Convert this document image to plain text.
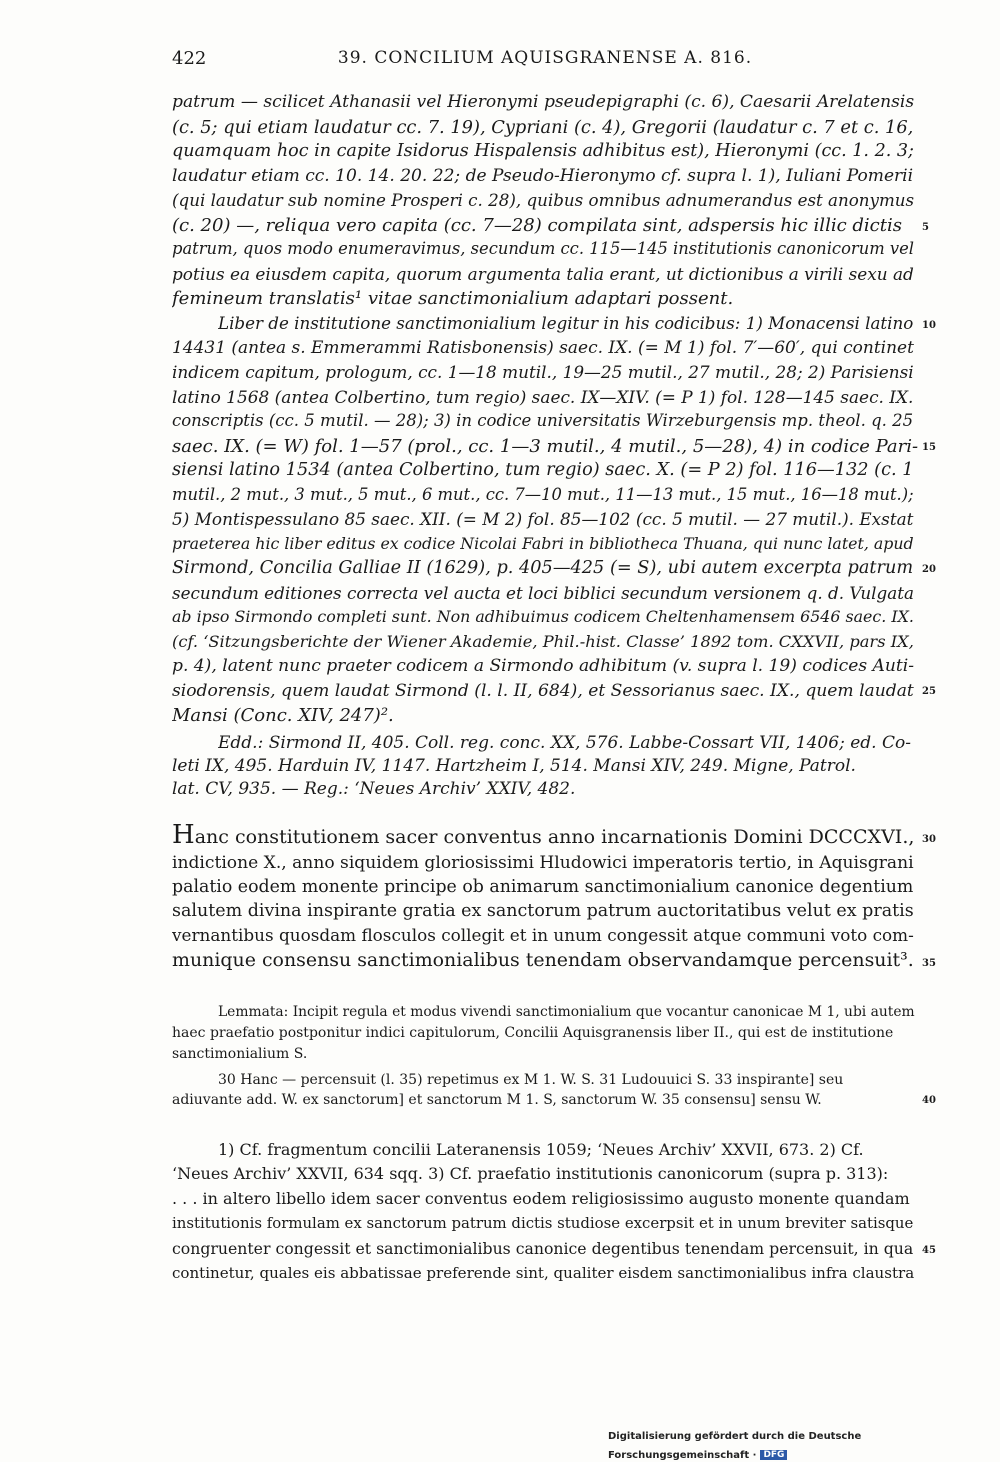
422	39. CONCILIUM AQUISGRANENSE A. 816.
patrum — scilicet Athanasii vel Hieronymi pseudepigraphi (c. 6), Caesarii Arelatensis
(c. 5; qui etiam laudatur cc. 7. 19), Cypriani (c. 4), Gregorii (laudatur c. 7 et c. 16,
quamquam hoc in capite Isidorus Hispalensis adhibitus est), Hieronymi (cc. 1. 2. 3;
laudatur etiam cc. 10. 14. 20. 22; de Pseudo-Hieronymo cf. supra l. 1), Iuliani Pomerii
(qui laudatur sub nomine Prosperi c. 28), quibus omnibus adnumerandus est anonymus
(c. 20) —, reliqua vero capita (cc. 7—28) compilata sint, adspersis hic illic dictis
patrum, quos modo enumeravimus, secundum cc. 115—145 institutionis canonicorum vel
potius ea eiusdem capita, quorum argumenta talia erant, ut dictionibus a virili sexu ad
femineum translatis¹ vitae sanctimonialium adaptari possent.
Liber de institutione sanctimonialium legitur in his codicibus: 1) Monacensi latino
14431 (antea s. Emmerammi Ratisbonensis) saec. IX. (= M 1) fol. 7′—60′, qui continet
indicem capitum, prologum, cc. 1—18 mutil., 19—25 mutil., 27 mutil., 28; 2) Parisiensi
latino 1568 (antea Colbertino, tum regio) saec. IX—XIV. (= P 1) fol. 128—145 saec. IX.
conscriptis (cc. 5 mutil. — 28); 3) in codice universitatis Wirzeburgensis mp. theol. q. 25
saec. IX. (= W) fol. 1—57 (prol., cc. 1—3 mutil., 4 mutil., 5—28), 4) in codice Pari-
siensi latino 1534 (antea Colbertino, tum regio) saec. X. (= P 2) fol. 116—132 (c. 1
mutil., 2 mut., 3 mut., 5 mut., 6 mut., cc. 7—10 mut., 11—13 mut., 15 mut., 16—18 mut.);
5) Montispessulano 85 saec. XII. (= M 2) fol. 85—102 (cc. 5 mutil. — 27 mutil.). Exstat
praeterea hic liber editus ex codice Nicolai Fabri in bibliotheca Thuana, qui nunc latet, apud
Sirmond, Concilia Galliae II (1629), p. 405—425 (= S), ubi autem excerpta patrum
secundum editiones correcta vel aucta et loci biblici secundum versionem q. d. Vulgata
ab ipso Sirmondo completi sunt. Non adhibuimus codicem Cheltenhamensem 6546 saec. IX.
(cf. ‘Sitzungsberichte der Wiener Akademie, Phil.-hist. Classe’ 1892 tom. CXXVII, pars IX,
p. 4), latent nunc praeter codicem a Sirmondo adhibitum (v. supra l. 19) codices Auti-
siodorensis, quem laudat Sirmond (l. l. II, 684), et Sessorianus saec. IX., quem laudat
Mansi (Conc. XIV, 247)².
Edd.: Sirmond II, 405. Coll. reg. conc. XX, 576. Labbe-Cossart VII, 1406; ed. Co-
leti IX, 495. Harduin IV, 1147. Hartzheim I, 514. Mansi XIV, 249. Migne, Patrol.
lat. CV, 935. — Reg.: ‘Neues Archiv’ XXIV, 482.
Hanc constitutionem sacer conventus anno incarnationis Domini DCCCXVI.,
indictione X., anno siquidem gloriosissimi Hludowici imperatoris tertio, in Aquisgrani
palatio eodem monente principe ob animarum sanctimonialium canonice degentium
salutem divina inspirante gratia ex sanctorum patrum auctoritatibus velut ex pratis
vernantibus quosdam flosculos collegit et in unum congessit atque communi voto com-
munique consensu sanctimonialibus tenendam observandamque percensuit³.
Lemmata: Incipit regula et modus vivendi sanctimonialium que vocantur canonicae M 1, ubi autem
haec praefatio postponitur indici capitulorum, Concilii Aquisgranensis liber II., qui est de institutione
sanctimonialium S.
30 Hanc — percensuit (l. 35) repetimus ex M 1. W. S. 31 Ludouuici S. 33 inspirante] seu
adiuvante add. W. ex sanctorum] et sanctorum M 1. S, sanctorum W. 35 consensu] sensu W.
1) Cf. fragmentum concilii Lateranensis 1059; ‘Neues Archiv’ XXVII, 673. 2) Cf.
‘Neues Archiv’ XXVII, 634 sqq. 3) Cf. praefatio institutionis canonicorum (supra p. 313):
. . . in altero libello idem sacer conventus eodem religiosissimo augusto monente quandam
institutionis formulam ex sanctorum patrum dictis studiose excerpsit et in unum breviter satisque
congruenter congessit et sanctimonialibus canonice degentibus tenendam percensuit, in qua
continetur, quales eis abbatissae preferende sint, qualiter eisdem sanctimonialibus infra claustra
5
10
15
20
25
30
35
40
45
Digitalisierung gefördert durch die Deutsche Forschungsgemeinschaft · DFG
